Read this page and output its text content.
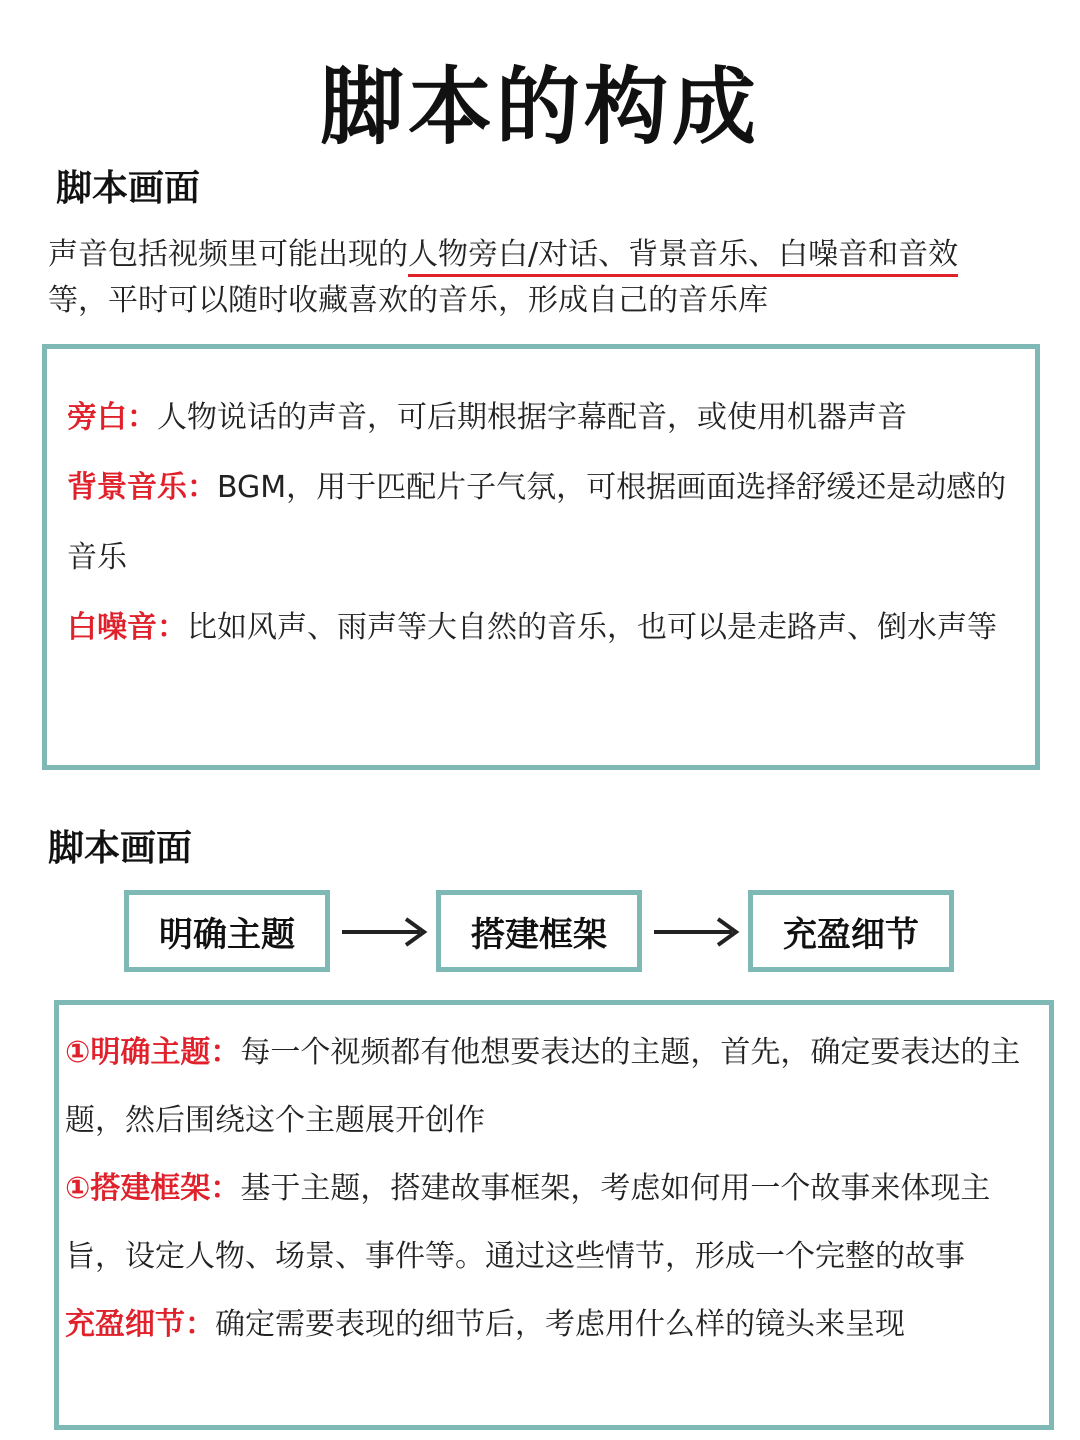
脚本的构成
脚本画面
声音包括视频里可能出现的人物旁白/对话、背景音乐、白噪音和音效
等，平时可以随时收藏喜欢的音乐，形成自己的音乐库

旁白：人物说话的声音，可后期根据字幕配音，或使用机器声音

背景音乐：BGM，用于匹配片子气氛，可根据画面选择舒缓还是动感的音乐

白噪音：比如风声、雨声等大自然的音乐，也可以是走路声、倒水声等

脚本画面
明确主题	搭建框架	充盈细节

①明确主题：每一个视频都有他想要表达的主题，首先，确定要表达的主题，然后围绕这个主题展开创作

①搭建框架：基于主题，搭建故事框架，考虑如何用一个故事来体现主旨，设定人物、场景、事件等。通过这些情节，形成一个完整的故事

充盈细节：确定需要表现的细节后，考虑用什么样的镜头来呈现
